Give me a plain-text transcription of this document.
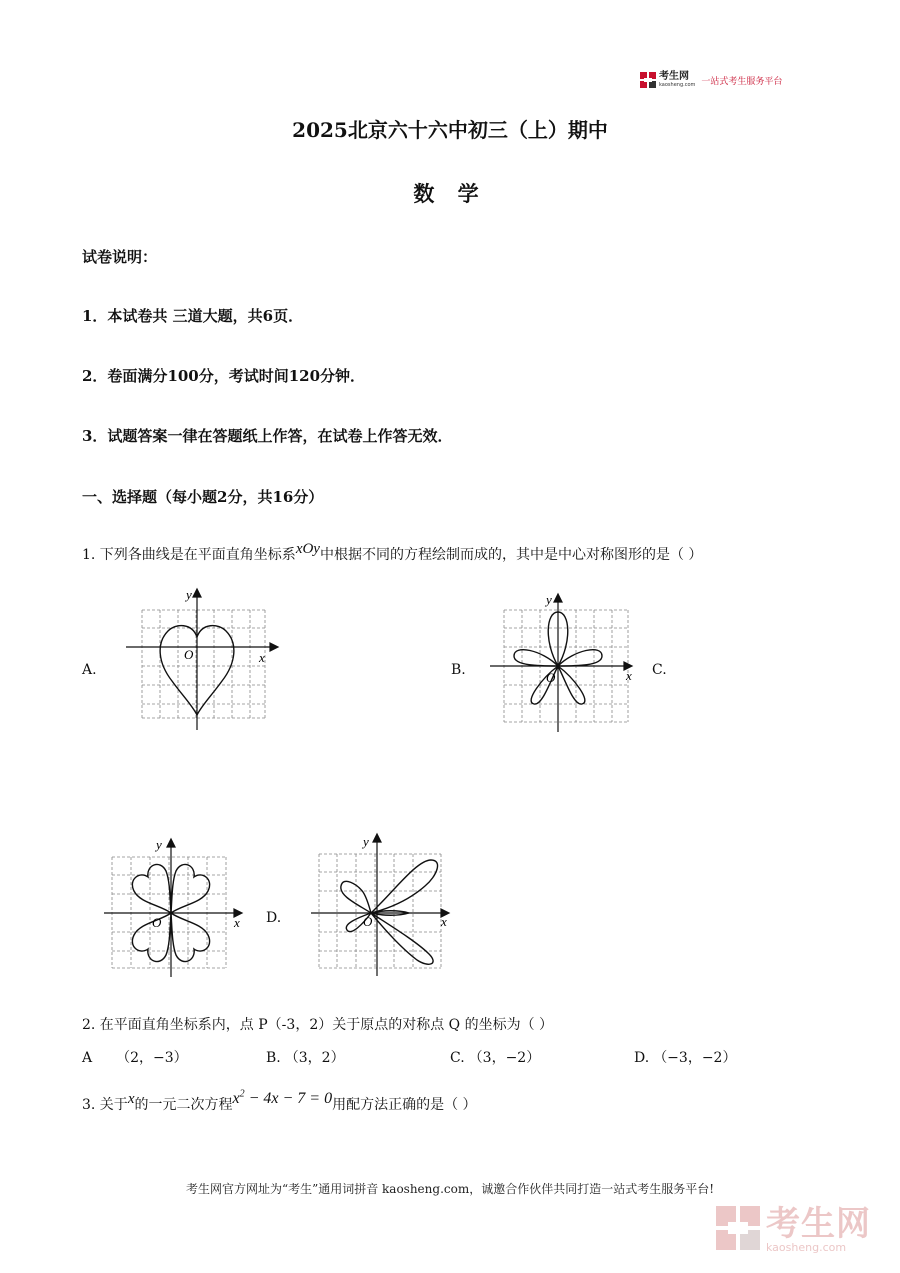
考生网
kaosheng.com 一站式考生服务平台
2025北京六十六中初三（上）期中
数 学
试卷说明：
1．本试卷共 三道大题，共6页．
2．卷面满分100分，考试时间120分钟．
3．试题答案一律在答题纸上作答，在试卷上作答无效．
一、选择题（每小题2分，共16分）
1. 下列各曲线是在平面直角坐标系xOy中根据不同的方程绘制而成的，其中是中心对称图形的是（ ）
A.	B.	C.
D.
O	x
y
O	x
y
O	x
y
O	x
y
2. 在平面直角坐标系内，点 P（-3，2）关于原点的对称点 Q 的坐标为（ ）
A （2，−3）	B. （3，2）	C. （3，−2）	D. （−3，−2）
3. 关于x的一元二次方程$x^2 - 4x - 7 = 0$用配方法正确的是（ ）
考生网官方网址为“考生”通用词拼音 kaosheng.com，诚邀合作伙伴共同打造一站式考生服务平台!
考生网
kaosheng.com
